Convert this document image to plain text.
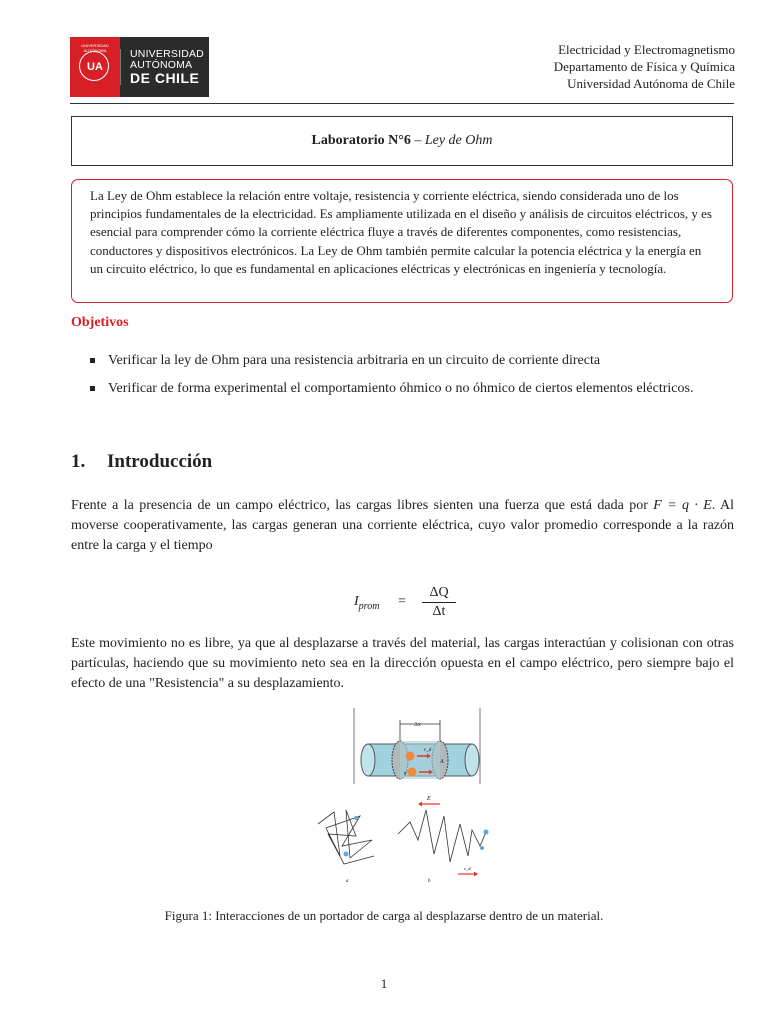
UNIVERSIDAD AUTÓNOMA
UA
UNIVERSIDAD
AUTÓNOMA
DE CHILE
Electricidad y Electromagnetismo
Departamento de Física y Química
Universidad Autónoma de Chile
Laboratorio N°6 – Ley de Ohm
La Ley de Ohm establece la relación entre voltaje, resistencia y corriente eléctrica, siendo considerada uno de los principios fundamentales de la electricidad. Es ampliamente utilizada en el diseño y análisis de circuitos eléctricos, y es esencial para comprender cómo la corriente eléctrica fluye a través de diferentes componentes, como resistencias, conductores y dispositivos electrónicos. La Ley de Ohm también permite calcular la potencia eléctrica y la energía en un circuito eléctrico, lo que es fundamental en aplicaciones eléctricas y electrónicas en ingeniería y tecnología.
Objetivos
Verificar la ley de Ohm para una resistencia arbitraria en un circuito de corriente directa
Verificar de forma experimental el comportamiento óhmico o no óhmico de ciertos elementos eléctricos.
1. Introducción
Frente a la presencia de un campo eléctrico, las cargas libres sienten una fuerza que está dada por F = q · E. Al moverse cooperativamente, las cargas generan una corriente eléctrica, cuyo valor promedio corresponde a la razón entre la carga y el tiempo
$I_{prom}$ =
ΔQ
Δt
Este movimiento no es libre, ya que al desplazarse a través del material, las cargas interactúan y colisionan con otras partículas, haciendo que su movimiento neto sea en la dirección opuesta en el campo eléctrico, pero siempre bajo el efecto de una "Resistencia" a su desplazamiento.
Δx
v_d
q
A
E
a	b
v_d
Figura 1: Interacciones de un portador de carga al desplazarse dentro de un material.
1
